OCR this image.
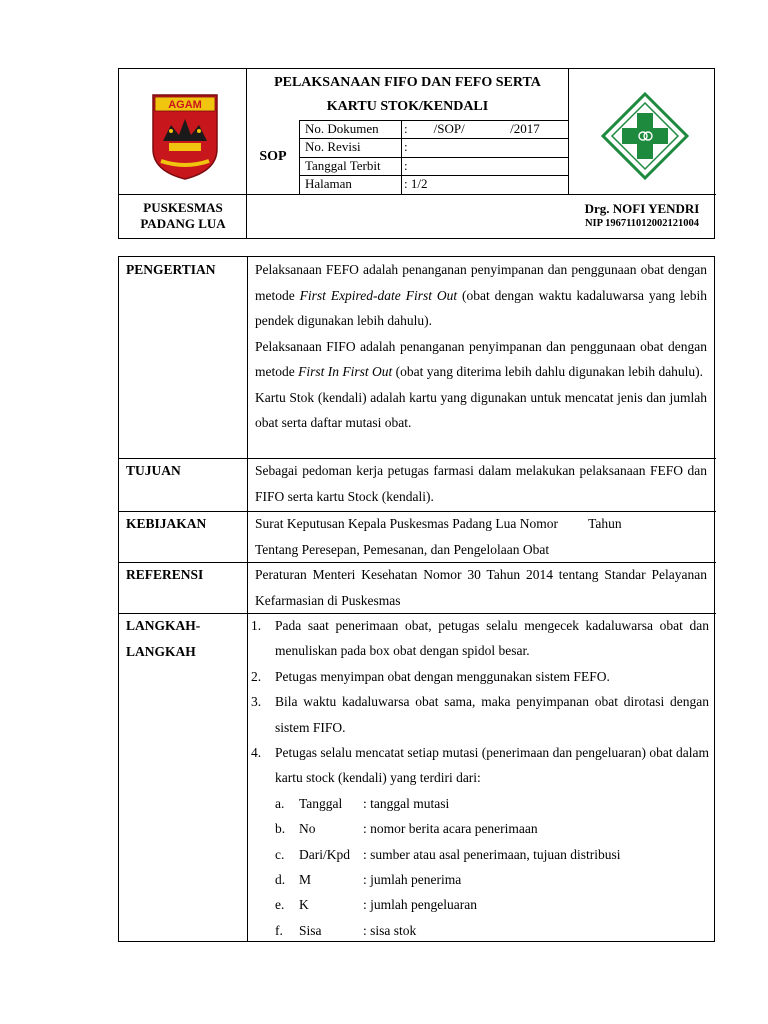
AGAM
PELAKSANAAN FIFO DAN FEFO SERTA
KARTU STOK/KENDALI
SOP
No. Dokumen :        /SOP/              /2017
No. Revisi	:
Tanggal Terbit :
Halaman	: 1/2
PUSKESMAS
PADANG LUA
Drg. NOFI YENDRI
NIP 196711012002121004
PENGERTIAN	Pelaksanaan FEFO adalah penanganan penyimpanan dan penggunaan obat dengan metode First Expired-date First Out (obat dengan waktu kadaluwarsa yang lebih pendek digunakan lebih dahulu).

Pelaksanaan FIFO adalah penanganan penyimpanan dan penggunaan obat dengan metode First In First Out (obat yang diterima lebih dahlu digunakan lebih dahulu).

Kartu Stok (kendali) adalah kartu yang digunakan untuk mencatat jenis dan jumlah obat serta daftar mutasi obat.

TUJUAN	Sebagai pedoman kerja petugas farmasi dalam melakukan pelaksanaan FEFO dan FIFO serta kartu Stock (kendali).
KEBIJAKAN	Surat Keputusan Kepala Puskesmas Padang Lua Nomor         Tahun
Tentang Peresepan, Pemesanan, dan Pengelolaan Obat
REFERENSI	Peraturan Menteri Kesehatan Nomor 30 Tahun 2014 tentang Standar Pelayanan Kefarmasian di Puskesmas
LANGKAH-
LANGKAH
1. Pada saat penerimaan obat, petugas selalu mengecek kadaluwarsa obat dan menuliskan pada box obat dengan spidol besar.
2. Petugas menyimpan obat dengan menggunakan sistem FEFO.
3. Bila waktu kadaluwarsa obat sama, maka penyimpanan obat dirotasi dengan sistem FIFO.
4. Petugas selalu mencatat setiap mutasi (penerimaan dan pengeluaran) obat dalam kartu stock (kendali) yang terdiri dari:
a. Tanggal : tanggal mutasi
b. No	: nomor berita acara penerimaan
c. Dari/Kpd : sumber atau asal penerimaan, tujuan distribusi
d. M	: jumlah penerima
e. K	: jumlah pengeluaran
f. Sisa	: sisa stok
